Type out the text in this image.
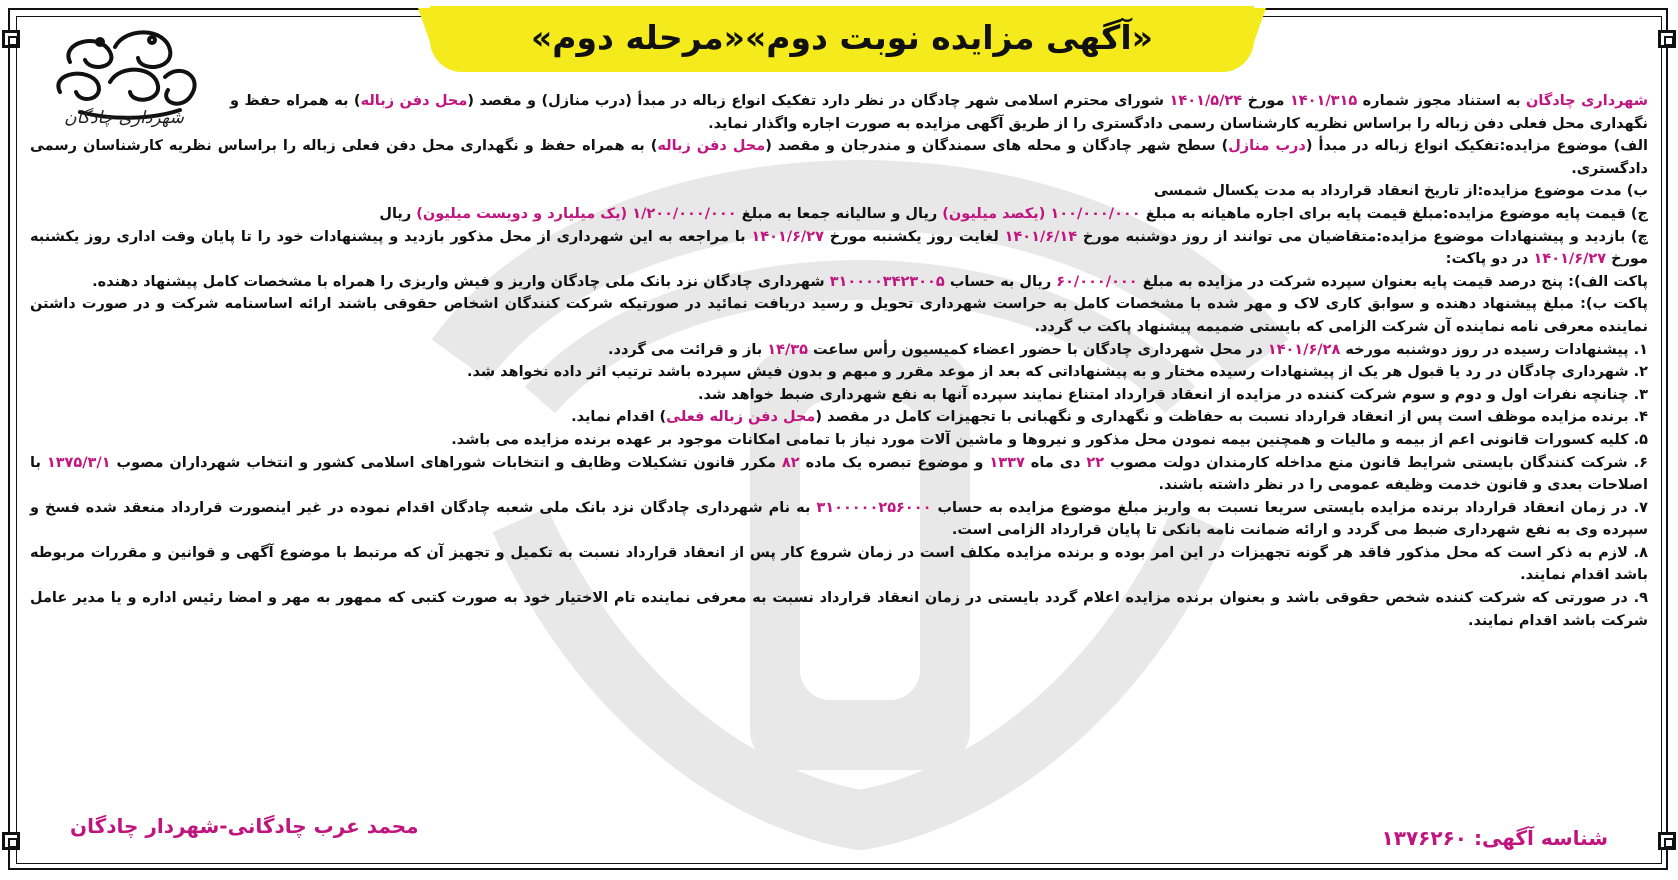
«آگهی مزایده نوبت دوم»«مرحله دوم»
شهرداری چادگان

شهرداری چادگان به استناد مجوز شماره ۱۴۰۱/۳۱۵ مورخ ۱۴۰۱/۵/۲۴ شورای محترم اسلامی شهر چادگان در نظر دارد تفکیک انواع زباله در مبدأ (درب منازل) و مقصد (محل دفن زباله) به همراه حفظ و نگهداری محل فعلی دفن زباله را براساس نظریه کارشناسان رسمی دادگستری را از طریق آگهی مزایده به صورت اجاره واگذار نماید.

الف) موضوع مزایده:تفکیک انواع زباله در مبدأ (درب منازل) سطح شهر چادگان و محله های سمندگان و مندرجان و مقصد (محل دفن زباله) به همراه حفظ و نگهداری محل دفن فعلی زباله را براساس نظریه کارشناسان رسمی دادگستری.

ب) مدت موضوع مزایده:از تاریخ انعقاد قرارداد به مدت یکسال شمسی

ج) قیمت پایه موضوع مزایده:مبلغ قیمت پایه برای اجاره ماهیانه به مبلغ ۱۰۰/۰۰۰/۰۰۰ (یکصد میلیون) ریال و سالیانه جمعا به مبلغ ۱/۲۰۰/۰۰۰/۰۰۰ (یک میلیارد و دویست میلیون) ریال

چ) بازدید و پیشنهادات موضوع مزایده:متقاضیان می توانند از روز دوشنبه مورخ ۱۴۰۱/۶/۱۴ لغایت روز یکشنبه مورخ ۱۴۰۱/۶/۲۷ با مراجعه به این شهرداری از محل مذکور بازدید و پیشنهادات خود را تا پایان وقت اداری روز یکشنبه مورخ ۱۴۰۱/۶/۲۷ در دو پاکت:

پاکت الف): پنج درصد قیمت پایه بعنوان سپرده شرکت در مزایده به مبلغ ۶۰/۰۰۰/۰۰۰ ریال به حساب ۳۱۰۰۰۰۳۴۲۳۰۰۵ شهرداری چادگان نزد بانک ملی چادگان واریز و فیش واریزی را همراه با مشخصات کامل پیشنهاد دهنده.

پاکت ب): مبلغ پیشنهاد دهنده و سوابق کاری لاک و مهر شده با مشخصات کامل به حراست شهرداری تحویل و رسید دریافت نمائید در صورتیکه شرکت کنندگان اشخاص حقوقی باشند ارائه اساسنامه شرکت و در صورت داشتن نماینده معرفی نامه نماینده آن شرکت الزامی که بایستی ضمیمه پیشنهاد پاکت ب گردد.

۱. پیشنهادات رسیده در روز دوشنبه مورخه ۱۴۰۱/۶/۲۸ در محل شهرداری چادگان با حضور اعضاء کمیسیون رأس ساعت ۱۴/۳۵ باز و قرائت می گردد.

۲. شهرداری چادگان در رد یا قبول هر یک از پیشنهادات رسیده مختار و به پیشنهاداتی که بعد از موعد مقرر و مبهم و بدون فیش سپرده باشد ترتیب اثر داده نخواهد شد.

۳. چنانچه نفرات اول و دوم و سوم شرکت کننده در مزایده از انعقاد قرارداد امتناع نمایند سپرده آنها به نفع شهرداری ضبط خواهد شد.

۴. برنده مزایده موظف است پس از انعقاد قرارداد نسبت به حفاظت و نگهداری و نگهبانی با تجهیزات کامل در مقصد (محل دفن زباله فعلی) اقدام نماید.

۵. کلیه کسورات قانونی اعم از بیمه و مالیات و همچنین بیمه نمودن محل مذکور و نیروها و ماشین آلات مورد نیاز با تمامی امکانات موجود بر عهده برنده مزایده می باشد.

۶. شرکت کنندگان بایستی شرایط قانون منع مداخله کارمندان دولت مصوب ۲۲ دی ماه ۱۳۳۷ و موضوع تبصره یک ماده ۸۲ مکرر قانون تشکیلات وظایف و انتخابات شوراهای اسلامی کشور و انتخاب شهرداران مصوب ۱۳۷۵/۳/۱ با اصلاحات بعدی و قانون خدمت وظیفه عمومی را در نظر داشته باشند.

۷. در زمان انعقاد قرارداد برنده مزایده بایستی سریعا نسبت به واریز مبلغ موضوع مزایده به حساب ۳۱۰۰۰۰۰۲۵۶۰۰۰ به نام شهرداری چادگان نزد بانک ملی شعبه چادگان اقدام نموده در غیر اینصورت قرارداد منعقد شده فسخ و سپرده وی به نفع شهرداری ضبط می گردد و ارائه ضمانت نامه بانکی تا پایان قرارداد الزامی است.

۸. لازم به ذکر است که محل مذکور فاقد هر گونه تجهیزات در این امر بوده و برنده مزایده مکلف است در زمان شروع کار پس از انعقاد قرارداد نسبت به تکمیل و تجهیز آن که مرتبط با موضوع آگهی و قوانین و مقررات مربوطه باشد اقدام نمایند.

۹. در صورتی که شرکت کننده شخص حقوقی باشد و بعنوان برنده مزایده اعلام گردد بایستی در زمان انعقاد قرارداد نسبت به معرفی نماینده تام الاختیار خود به صورت کتبی که ممهور به مهر و امضا رئیس اداره و یا مدیر عامل شرکت باشد اقدام نمایند.

شناسه آگهی: ۱۳۷۶۲۶۰
محمد عرب چادگانی-شهردار چادگان
